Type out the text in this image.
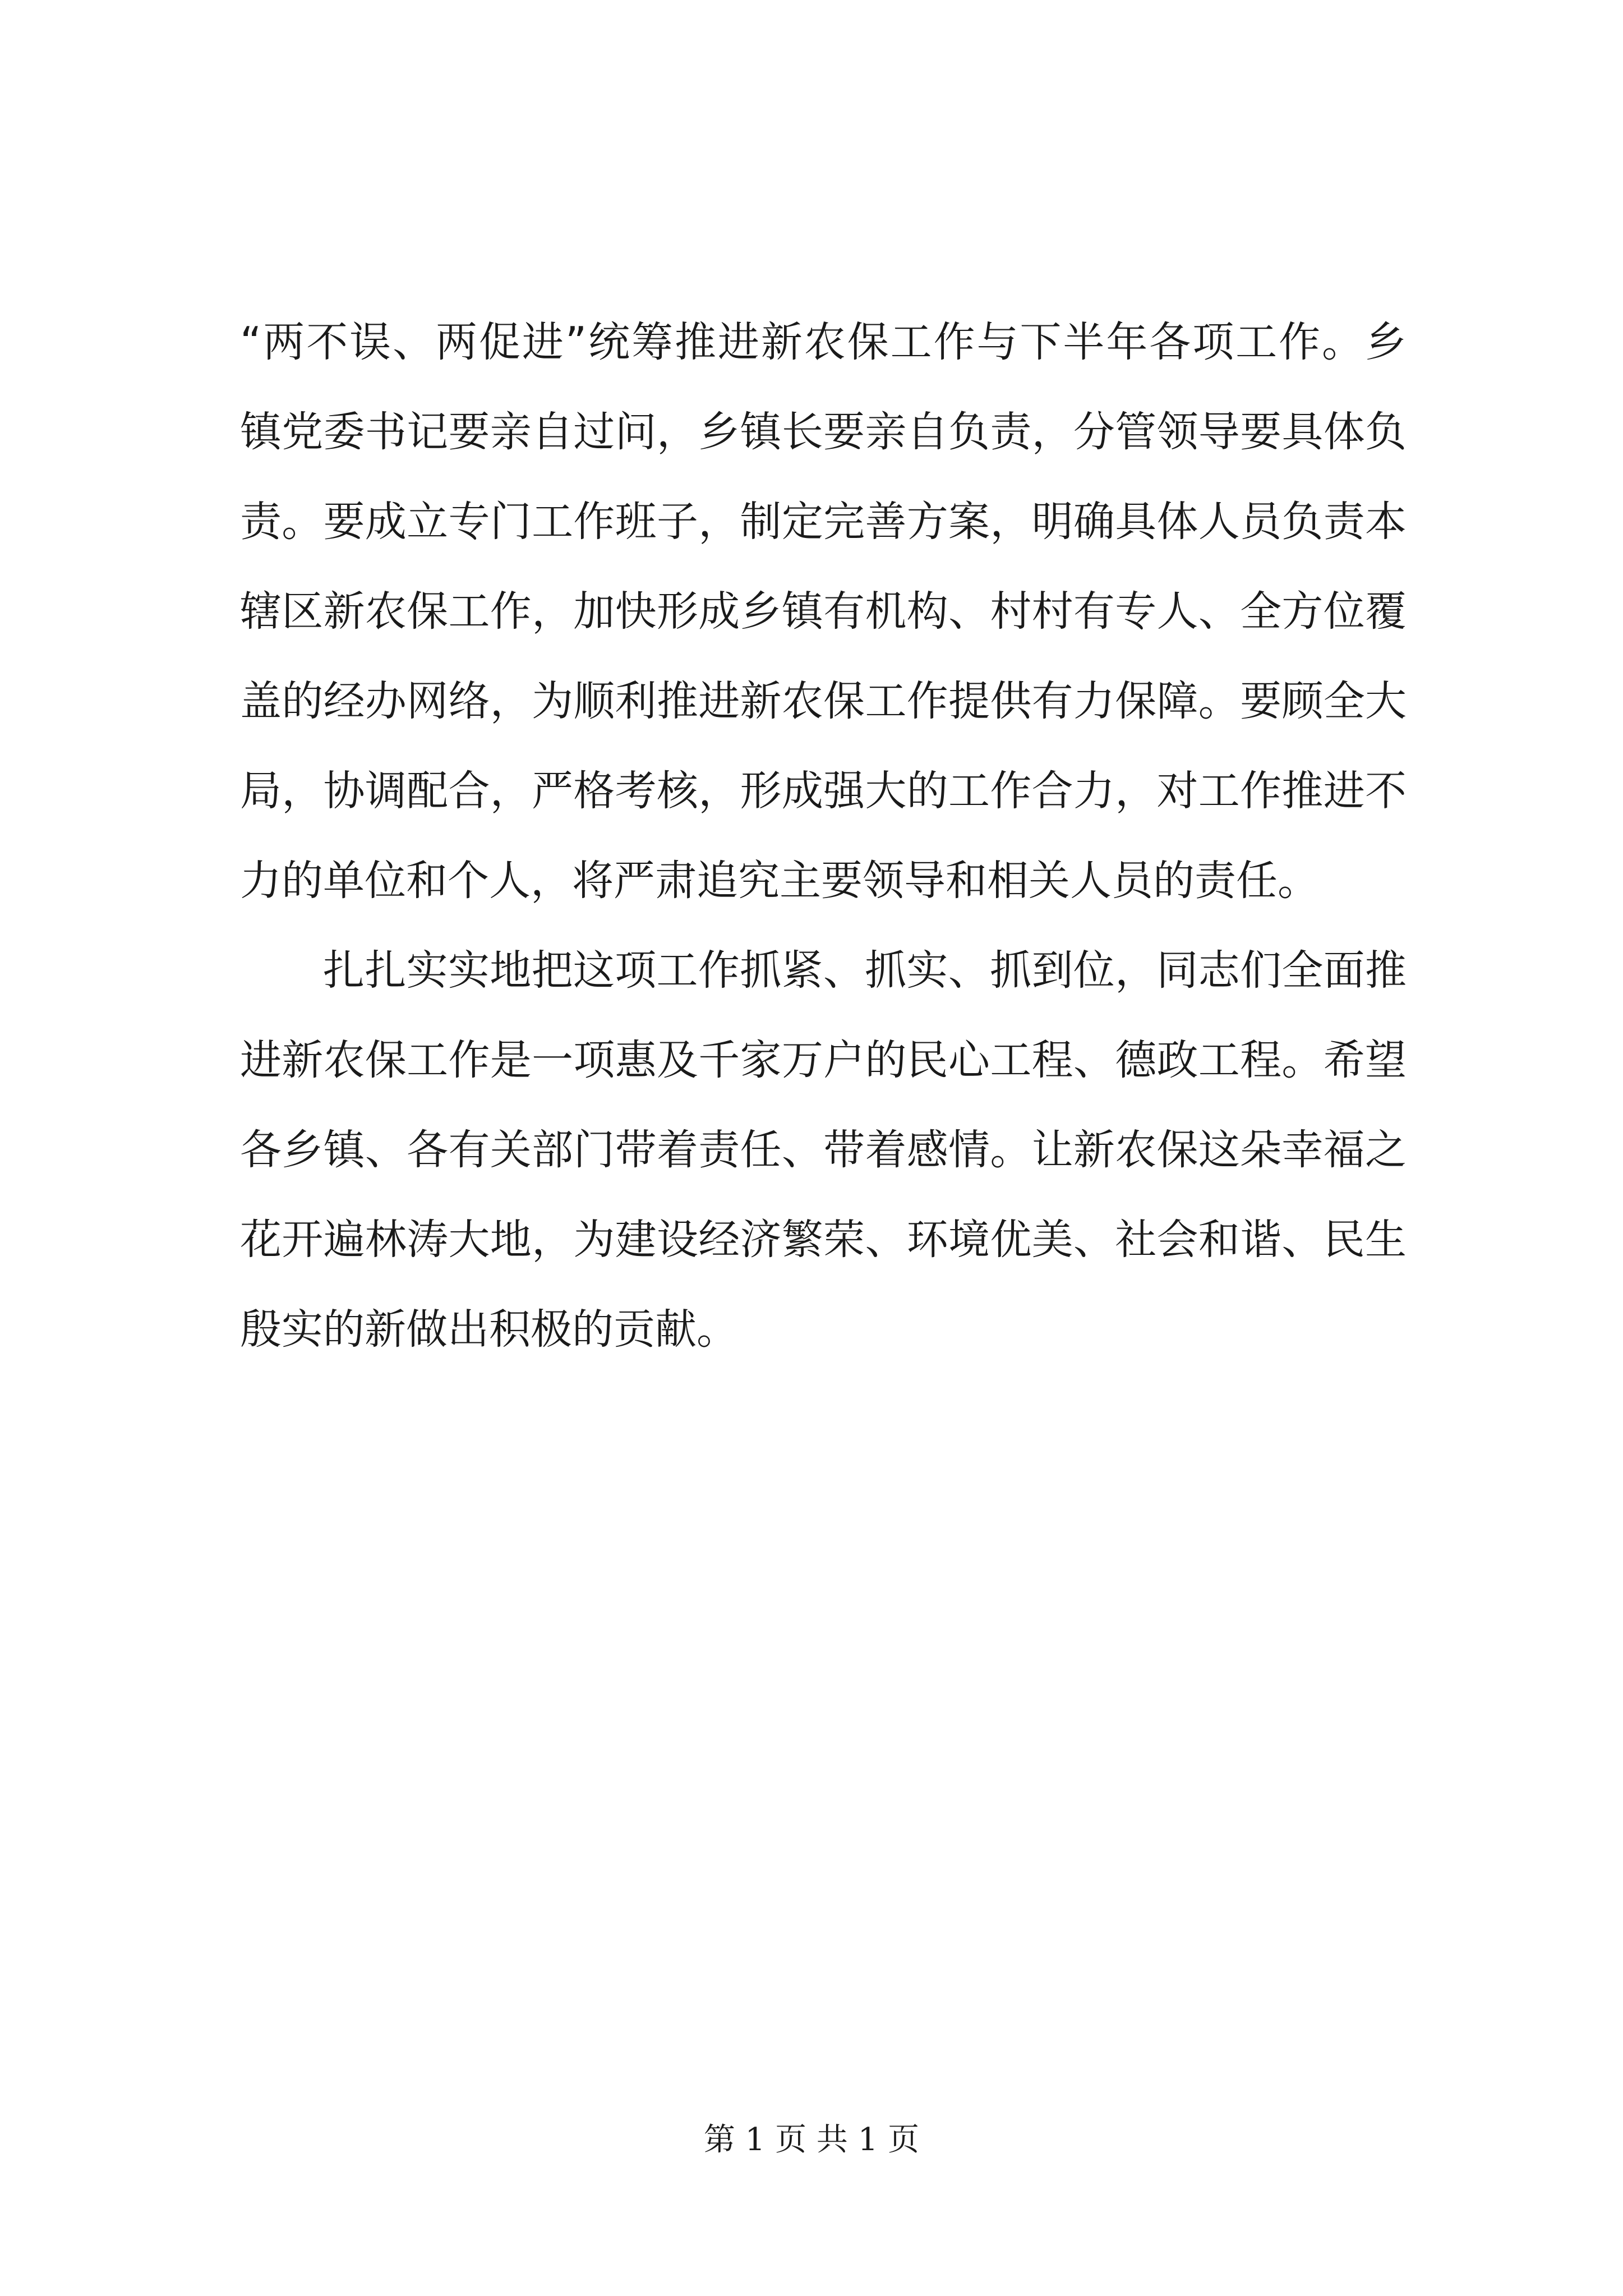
“两不误、两促进”统筹推进新农保工作与下半年各项工作。乡
镇党委书记要亲自过问，乡镇长要亲自负责，分管领导要具体负
责。要成立专门工作班子，制定完善方案，明确具体人员负责本
辖区新农保工作，加快形成乡镇有机构、村村有专人、全方位覆
盖的经办网络，为顺利推进新农保工作提供有力保障。要顾全大
局，协调配合，严格考核，形成强大的工作合力，对工作推进不
力的单位和个人，将严肃追究主要领导和相关人员的责任。

扎扎实实地把这项工作抓紧、抓实、抓到位，同志们全面推
进新农保工作是一项惠及千家万户的民心工程、德政工程。希望
各乡镇、各有关部门带着责任、带着感情。让新农保这朵幸福之
花开遍林涛大地，为建设经济繁荣、环境优美、社会和谐、民生
殷实的新做出积极的贡献。

第 1 页 共 1 页
